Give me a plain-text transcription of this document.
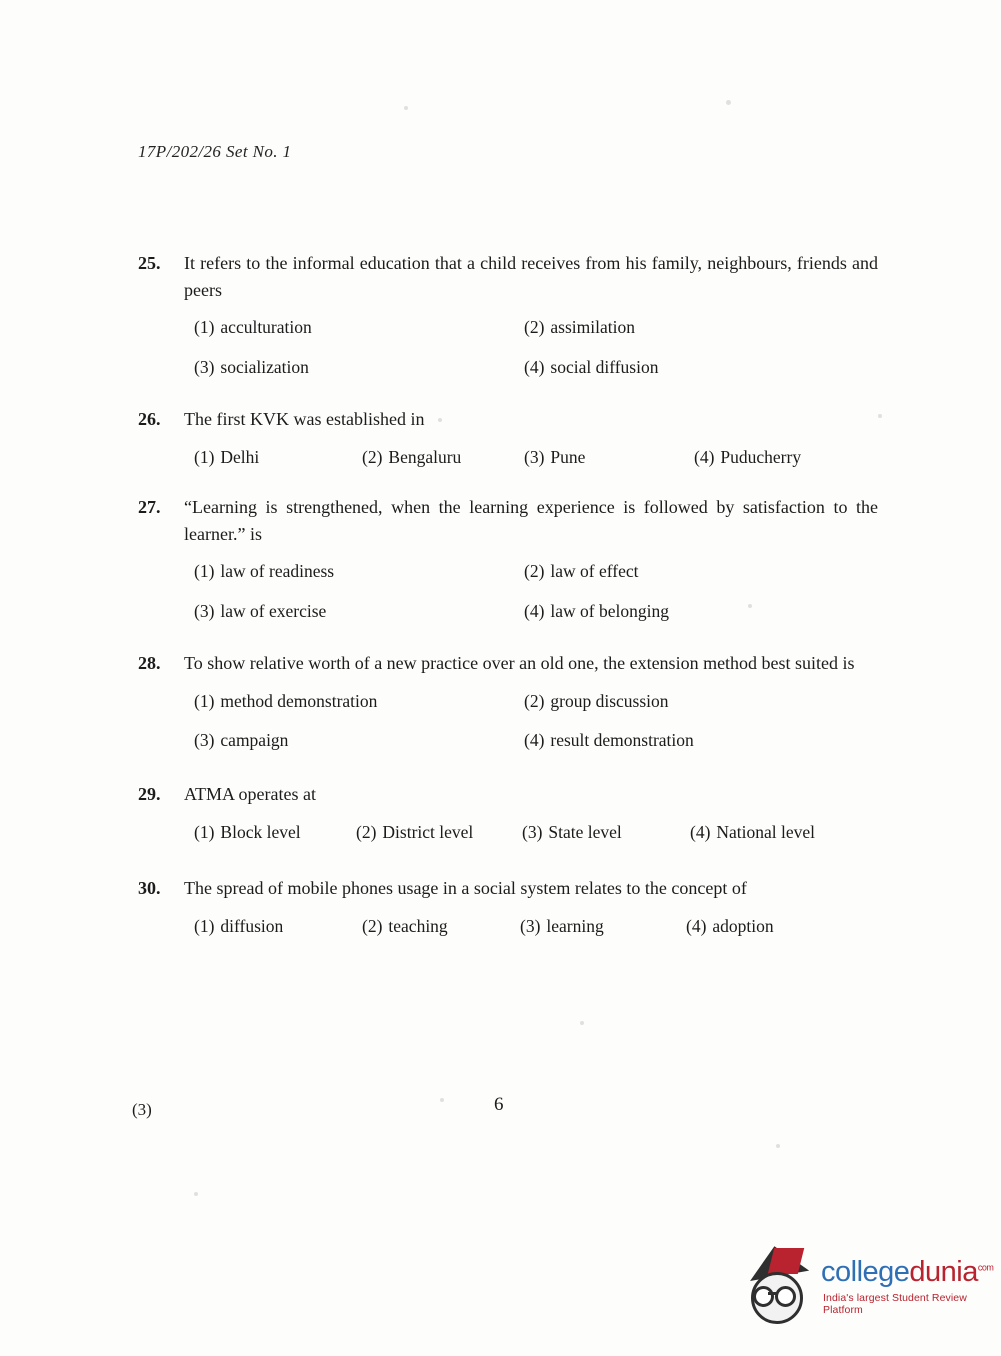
17P/202/26 Set No. 1
25.	It refers to the informal education that a child receives from his family, neighbours, friends and peers
(1) acculturation	(2) assimilation
(3) socialization	(4) social diffusion
26.	The first KVK was established in
(1) Delhi	(2) Bengaluru	(3) Pune	(4) Puducherry
27.	“Learning is strengthened, when the learning experience is followed by satisfaction to the learner.” is
(1) law of readiness	(2) law of effect
(3) law of exercise	(4) law of belonging
28.	To show relative worth of a new practice over an old one, the extension method best suited is
(1) method demonstration	(2) group discussion
(3) campaign	(4) result demonstration
29.	ATMA operates at
(1) Block level	(2) District level	(3) State level	(4) National level
30.	The spread of mobile phones usage in a social system relates to the concept of
(1) diffusion	(2) teaching	(3) learning	(4) adoption
(3)	6
collegedunia$^{com}$
India's largest Student Review Platform
